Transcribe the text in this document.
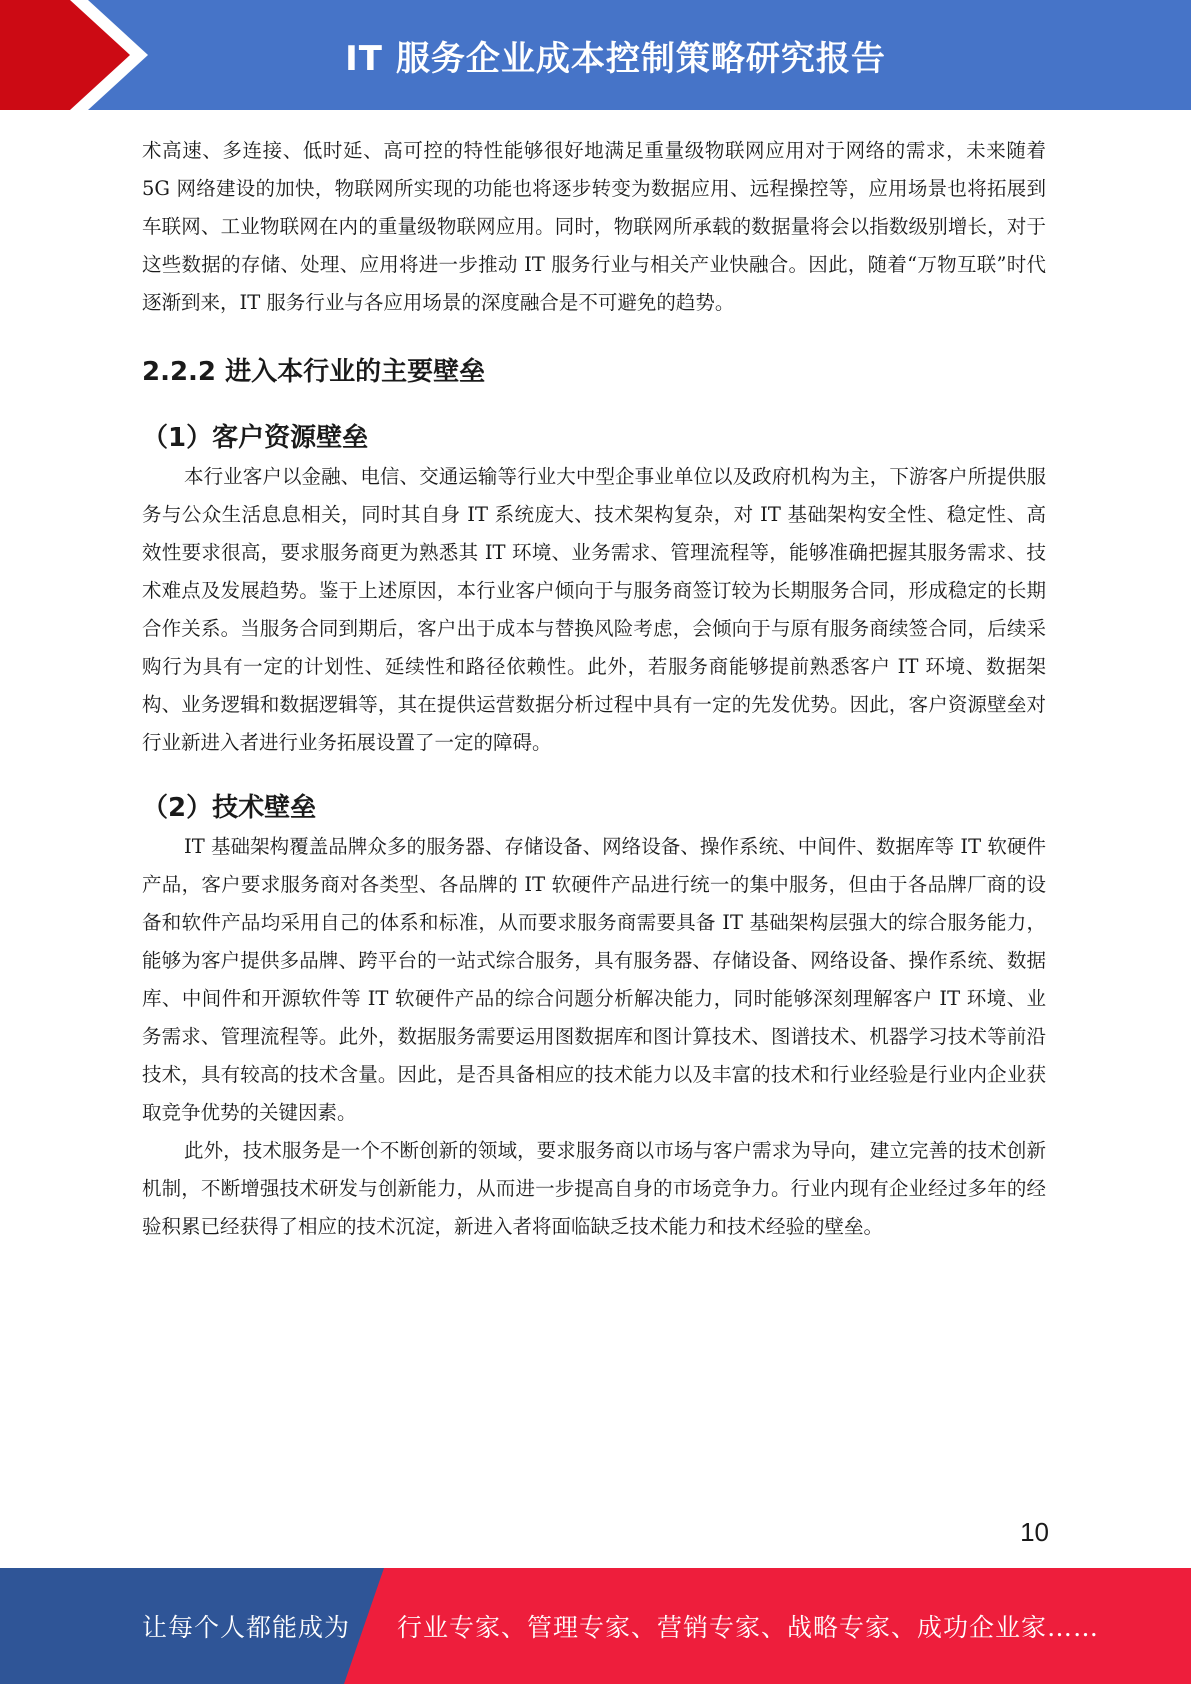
IT 服务企业成本控制策略研究报告

术高速、多连接、低时延、高可控的特性能够很好地满足重量级物联网应用对于网络的需求，未来随着 5G 网络建设的加快，物联网所实现的功能也将逐步转变为数据应用、远程操控等，应用场景也将拓展到车联网、工业物联网在内的重量级物联网应用。同时，物联网所承载的数据量将会以指数级别增长，对于这些数据的存储、处理、应用将进一步推动 IT 服务行业与相关产业快融合。因此，随着“万物互联”时代逐渐到来，IT 服务行业与各应用场景的深度融合是不可避免的趋势。

2.2.2 进入本行业的主要壁垒
（1）客户资源壁垒

本行业客户以金融、电信、交通运输等行业大中型企事业单位以及政府机构为主，下游客户所提供服务与公众生活息息相关，同时其自身 IT 系统庞大、技术架构复杂，对 IT 基础架构安全性、稳定性、高效性要求很高，要求服务商更为熟悉其 IT 环境、业务需求、管理流程等，能够准确把握其服务需求、技术难点及发展趋势。鉴于上述原因，本行业客户倾向于与服务商签订较为长期服务合同，形成稳定的长期合作关系。当服务合同到期后，客户出于成本与替换风险考虑，会倾向于与原有服务商续签合同，后续采购行为具有一定的计划性、延续性和路径依赖性。此外，若服务商能够提前熟悉客户 IT 环境、数据架构、业务逻辑和数据逻辑等，其在提供运营数据分析过程中具有一定的先发优势。因此，客户资源壁垒对行业新进入者进行业务拓展设置了一定的障碍。

（2）技术壁垒

IT 基础架构覆盖品牌众多的服务器、存储设备、网络设备、操作系统、中间件、数据库等 IT 软硬件产品，客户要求服务商对各类型、各品牌的 IT 软硬件产品进行统一的集中服务，但由于各品牌厂商的设备和软件产品均采用自己的体系和标准，从而要求服务商需要具备 IT 基础架构层强大的综合服务能力，能够为客户提供多品牌、跨平台的一站式综合服务，具有服务器、存储设备、网络设备、操作系统、数据库、中间件和开源软件等 IT 软硬件产品的综合问题分析解决能力，同时能够深刻理解客户 IT 环境、业务需求、管理流程等。此外，数据服务需要运用图数据库和图计算技术、图谱技术、机器学习技术等前沿技术，具有较高的技术含量。因此，是否具备相应的技术能力以及丰富的技术和行业经验是行业内企业获取竞争优势的关键因素。

此外，技术服务是一个不断创新的领域，要求服务商以市场与客户需求为导向，建立完善的技术创新机制，不断增强技术研发与创新能力，从而进一步提高自身的市场竞争力。行业内现有企业经过多年的经验积累已经获得了相应的技术沉淀，新进入者将面临缺乏技术能力和技术经验的壁垒。

10
让每个人都能成为 行业专家、管理专家、营销专家、战略专家、成功企业家……
